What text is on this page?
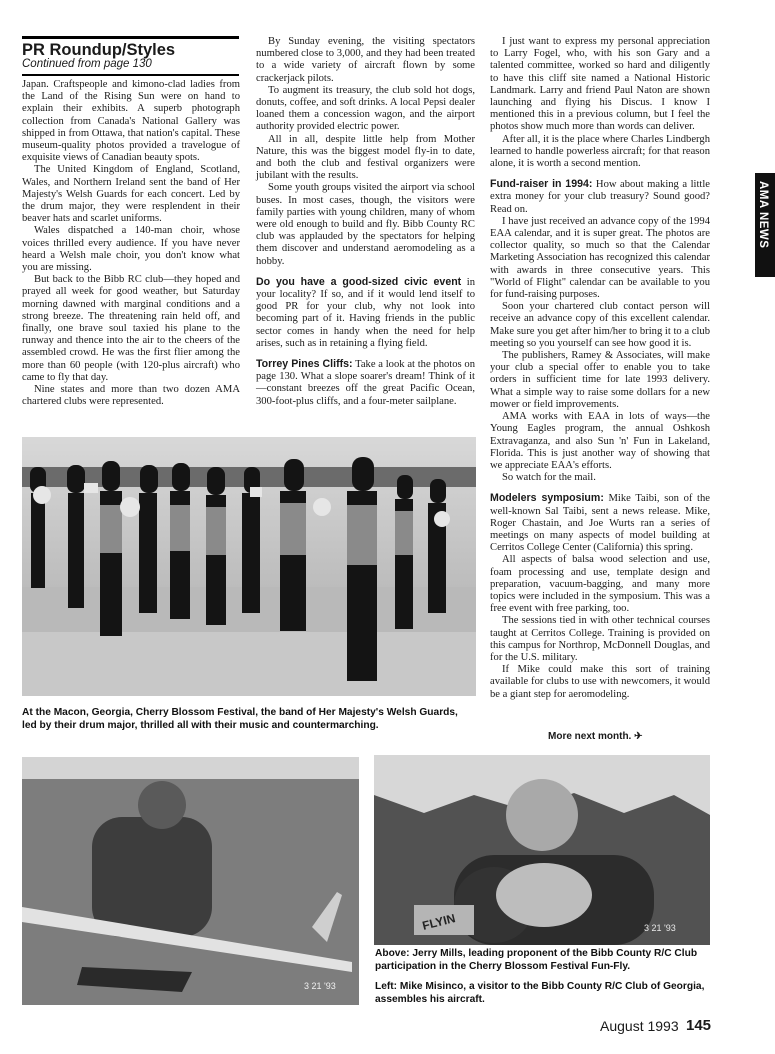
PR Roundup/Styles
Continued from page 130

Japan. Craftspeople and kimono-clad ladies from the Land of the Rising Sun were on hand to explain their exhibits. A superb photograph collection from Canada's National Gallery was shipped in from Ottawa, that nation's capital. These museum-quality photos provided a travelogue of exquisite views of Canadian beauty spots.

The United Kingdom of England, Scotland, Wales, and Northern Ireland sent the band of Her Majesty's Welsh Guards for each concert. Led by the drum major, they were resplendent in their beaver hats and scarlet uniforms.

Wales dispatched a 140-man choir, whose voices thrilled every audience. If you have never heard a Welsh male choir, you don't know what you are missing.

But back to the Bibb RC club—they hoped and prayed all week for good weather, but Saturday morning dawned with marginal conditions and a strong breeze. The threatening rain held off, and finally, one brave soul taxied his plane to the runway and thence into the air to the cheers of the assembled crowd. He was the first flier among the more than 60 people (with 120-plus aircraft) who came to fly that day.

Nine states and more than two dozen AMA chartered clubs were represented.

By Sunday evening, the visiting spectators numbered close to 3,000, and they had been treated to a wide variety of aircraft flown by some crackerjack pilots.

To augment its treasury, the club sold hot dogs, donuts, coffee, and soft drinks. A local Pepsi dealer loaned them a concession wagon, and the airport authority provided electric power.

All in all, despite little help from Mother Nature, this was the biggest model fly-in to date, and both the club and festival organizers were jubilant with the results.

Some youth groups visited the airport via school buses. In most cases, though, the visitors were family parties with young children, many of whom were old enough to build and fly. Bibb County RC club was applauded by the spectators for helping them discover and understand aeromodeling as a hobby.

Do you have a good-sized civic event in your locality? If so, and if it would lend itself to good PR for your club, why not look into becoming part of it. Having friends in the public sector comes in handy when the need for help arises, such as in retaining a flying field.

Torrey Pines Cliffs: Take a look at the photos on page 130. What a slope soarer's dream! Think of it—constant breezes off the great Pacific Ocean, 300-foot-plus cliffs, and a four-meter sailplane.

I just want to express my personal appreciation to Larry Fogel, who, with his son Gary and a talented committee, worked so hard and diligently to have this cliff site named a National Historic Landmark. Larry and friend Paul Naton are shown launching and flying his Discus. I know I mentioned this in a previous column, but I feel the photos show much more than words can deliver.

After all, it is the place where Charles Lindbergh learned to handle powerless aircraft; for that reason alone, it is worth a second mention.

Fund-raiser in 1994: How about making a little extra money for your club treasury? Sound good? Read on.

I have just received an advance copy of the 1994 EAA calendar, and it is super great. The photos are collector quality, so much so that the Calendar Marketing Association has recognized this calendar with awards in three consecutive years. This "World of Flight" calendar can be available to you for fund-raising purposes.

Soon your chartered club contact person will receive an advance copy of this excellent calendar. Make sure you get after him/her to bring it to a club meeting so you yourself can see how good it is.

The publishers, Ramey & Associates, will make your club a special offer to enable you to take orders in sufficient time for late 1993 delivery. What a simple way to raise some dollars for a new mower or field improvements.

AMA works with EAA in lots of ways—the Young Eagles program, the annual Oshkosh Extravaganza, and also Sun 'n' Fun in Lakeland, Florida. This is just another way of showing that we appreciate EAA's efforts.

So watch for the mail.

Modelers symposium: Mike Taibi, son of the well-known Sal Taibi, sent a news release. Mike, Roger Chastain, and Joe Wurts ran a series of meetings on many aspects of model building at Cerritos College Center (California) this spring.

All aspects of balsa wood selection and use, foam processing and use, template design and preparation, vacuum-bagging, and many more topics were included in the symposium. This was a free event with free parking, too.

The sessions tied in with other technical courses taught at Cerritos College. Training is provided on this campus for Northrop, McDonnell Douglas, and for the U.S. military.

If Mike could make this sort of training available for clubs to use with newcomers, it would be a giant step for aeromodeling.

More next month. ✈
AMA NEWS
At the Macon, Georgia, Cherry Blossom Festival, the band of Her Majesty's Welsh Guards, led by their drum major, thrilled all with their music and countermarching.
3 21 '93
FLYIN	3 21 '93
Above: Jerry Mills, leading proponent of the Bibb County R/C Club participation in the Cherry Blossom Festival Fun-Fly.
Left: Mike Misinco, a visitor to the Bibb County R/C Club of Georgia, assembles his aircraft.
August 1993 145
